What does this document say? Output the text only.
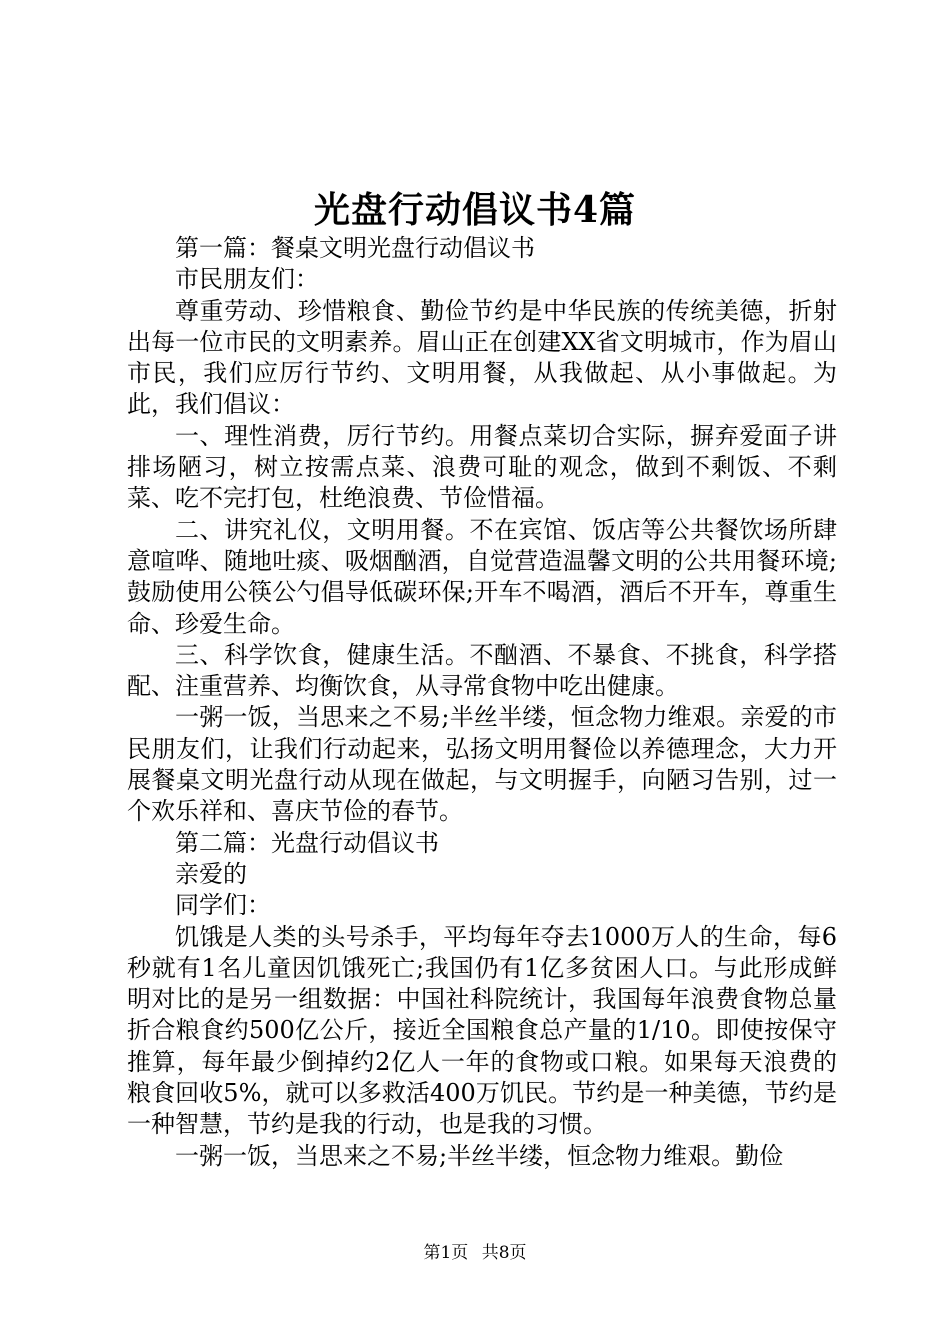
光盘行动倡议书4篇

第一篇：餐桌文明光盘行动倡议书

市民朋友们：

尊重劳动、珍惜粮食、勤俭节约是中华民族的传统美德，折射出每一位市民的文明素养。眉山正在创建XX省文明城市，作为眉山市民，我们应厉行节约、文明用餐，从我做起、从小事做起。为此，我们倡议：

一、理性消费，厉行节约。用餐点菜切合实际，摒弃爱面子讲排场陋习，树立按需点菜、浪费可耻的观念，做到不剩饭、不剩菜、吃不完打包，杜绝浪费、节俭惜福。

二、讲究礼仪，文明用餐。不在宾馆、饭店等公共餐饮场所肆意喧哗、随地吐痰、吸烟酗酒，自觉营造温馨文明的公共用餐环境;鼓励使用公筷公勺倡导低碳环保;开车不喝酒，酒后不开车，尊重生命、珍爱生命。

三、科学饮食，健康生活。不酗酒、不暴食、不挑食，科学搭配、注重营养、均衡饮食，从寻常食物中吃出健康。

一粥一饭，当思来之不易;半丝半缕，恒念物力维艰。亲爱的市民朋友们，让我们行动起来，弘扬文明用餐俭以养德理念，大力开展餐桌文明光盘行动从现在做起，与文明握手，向陋习告别，过一个欢乐祥和、喜庆节俭的春节。

第二篇：光盘行动倡议书

亲爱的

同学们：

饥饿是人类的头号杀手，平均每年夺去1000万人的生命，每6秒就有1名儿童因饥饿死亡;我国仍有1亿多贫困人口。与此形成鲜明对比的是另一组数据：中国社科院统计，我国每年浪费食物总量折合粮食约500亿公斤，接近全国粮食总产量的1/10。即使按保守推算，每年最少倒掉约2亿人一年的食物或口粮。如果每天浪费的粮食回收5%，就可以多救活400万饥民。节约是一种美德，节约是一种智慧，节约是我的行动，也是我的习惯。

一粥一饭，当思来之不易;半丝半缕，恒念物力维艰。勤俭

第1页 共8页
